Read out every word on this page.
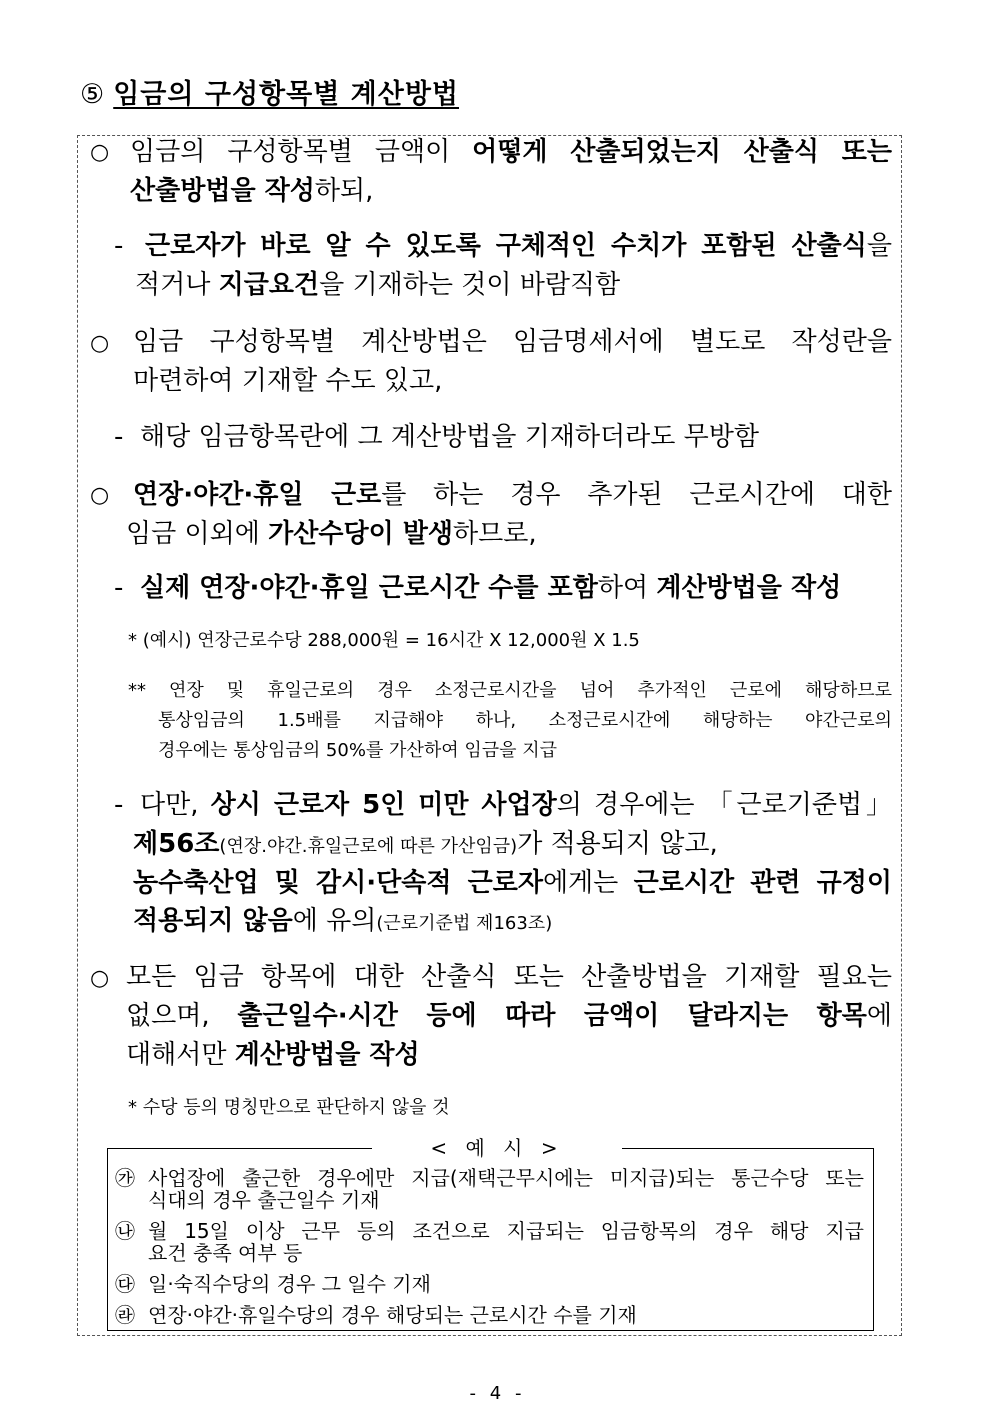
⑤ 임금의 구성항목별 계산방법
○ 임금의 구성항목별 금액이 어떻게 산출되었는지 산출식 또는
산출방법을 작성하되,
- 근로자가 바로 알 수 있도록 구체적인 수치가 포함된 산출식을
적거나 지급요건을 기재하는 것이 바람직함
○ 임금 구성항목별 계산방법은 임금명세서에 별도로 작성란을
마련하여 기재할 수도 있고,
- 해당 임금항목란에 그 계산방법을 기재하더라도 무방함
○ 연장·야간·휴일 근로를 하는 경우 추가된 근로시간에 대한
임금 이외에 가산수당이 발생하므로,
- 실제 연장·야간·휴일 근로시간 수를 포함하여 계산방법을 작성
* (예시) 연장근로수당 288,000원 = 16시간 X 12,000원 X 1.5
** 연장 및 휴일근로의 경우 소정근로시간을 넘어 추가적인 근로에 해당하므로
통상임금의 1.5배를 지급해야 하나, 소정근로시간에 해당하는 야간근로의
경우에는 통상임금의 50%를 가산하여 임금을 지급
- 다만, 상시 근로자 5인 미만 사업장의 경우에는 「근로기준법」
제56조(연장.야간.휴일근로에 따른 가산임금)가 적용되지 않고,
농수축산업 및 감시·단속적 근로자에게는 근로시간 관련 규정이
적용되지 않음에 유의(근로기준법 제163조)
○ 모든 임금 항목에 대한 산출식 또는 산출방법을 기재할 필요는
없으며, 출근일수·시간 등에 따라 금액이 달라지는 항목에
대해서만 계산방법을 작성
* 수당 등의 명칭만으로 판단하지 않을 것
< 예 시 >
㉮ 사업장에 출근한 경우에만 지급(재택근무시에는 미지급)되는 통근수당 또는
식대의 경우 출근일수 기재
㉯ 월 15일 이상 근무 등의 조건으로 지급되는 임금항목의 경우 해당 지급
요건 충족 여부 등
㉰ 일·숙직수당의 경우 그 일수 기재
㉱ 연장·야간·휴일수당의 경우 해당되는 근로시간 수를 기재
- 4 -
